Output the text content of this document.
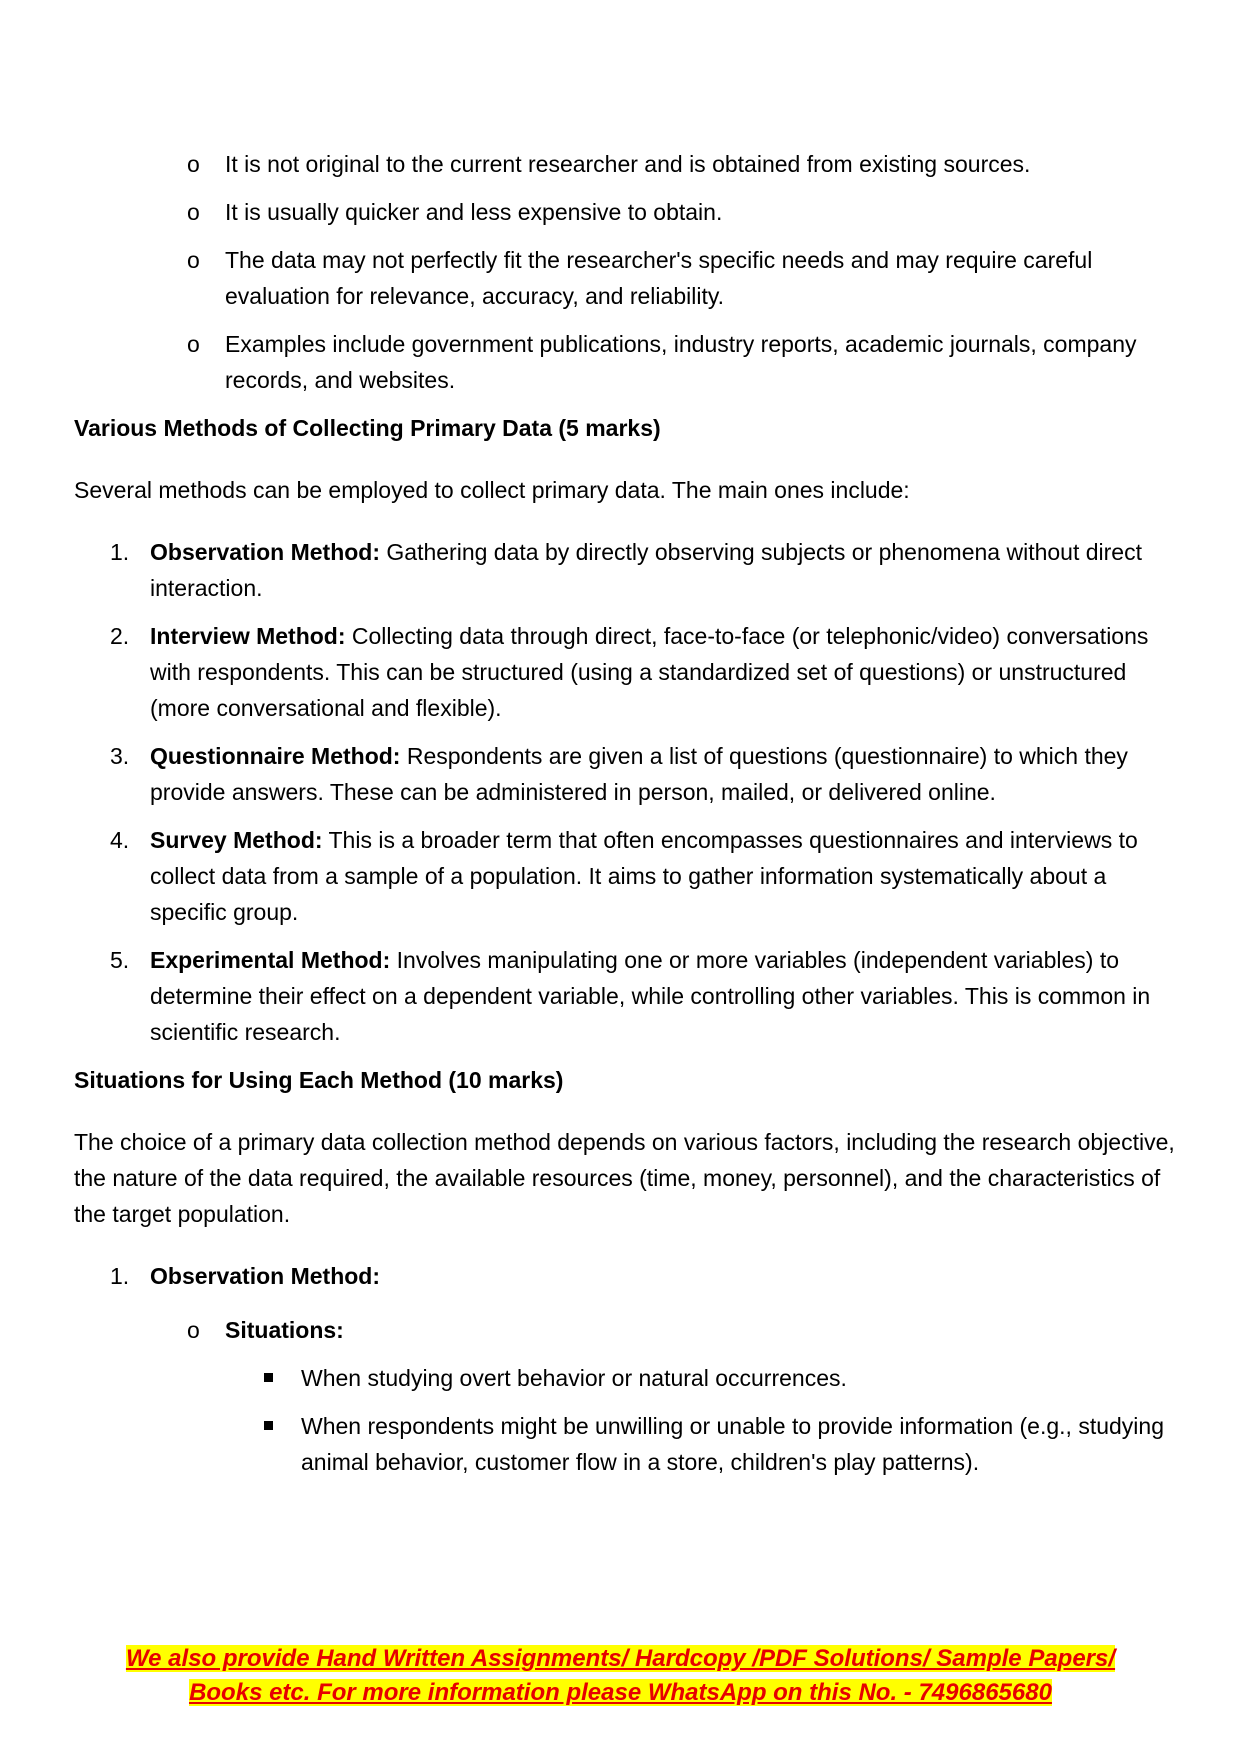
o It is not original to the current researcher and is obtained from existing sources.
o It is usually quicker and less expensive to obtain.
o The data may not perfectly fit the researcher's specific needs and may require careful evaluation for relevance, accuracy, and reliability.
o Examples include government publications, industry reports, academic journals, company records, and websites.
Various Methods of Collecting Primary Data (5 marks)
Several methods can be employed to collect primary data. The main ones include:
1. Observation Method: Gathering data by directly observing subjects or phenomena without direct interaction.
2. Interview Method: Collecting data through direct, face-to-face (or telephonic/video) conversations with respondents. This can be structured (using a standardized set of questions) or unstructured (more conversational and flexible).
3. Questionnaire Method: Respondents are given a list of questions (questionnaire) to which they provide answers. These can be administered in person, mailed, or delivered online.
4. Survey Method: This is a broader term that often encompasses questionnaires and interviews to collect data from a sample of a population. It aims to gather information systematically about a specific group.
5. Experimental Method: Involves manipulating one or more variables (independent variables) to determine their effect on a dependent variable, while controlling other variables. This is common in scientific research.
Situations for Using Each Method (10 marks)
The choice of a primary data collection method depends on various factors, including the research objective, the nature of the data required, the available resources (time, money, personnel), and the characteristics of the target population.
1. Observation Method:
o Situations:
When studying overt behavior or natural occurrences.
When respondents might be unwilling or unable to provide information (e.g., studying animal behavior, customer flow in a store, children's play patterns).
We also provide Hand Written Assignments/ Hardcopy /PDF Solutions/ Sample Papers/
Books etc. For more information please WhatsApp on this No. - 7496865680
